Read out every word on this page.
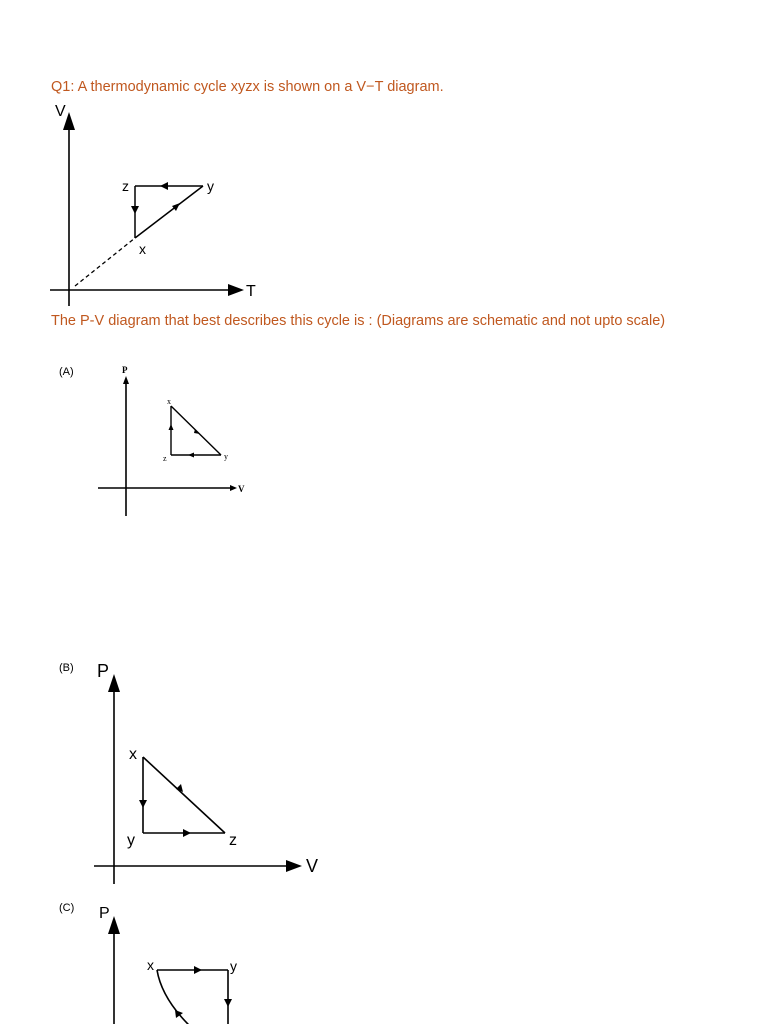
Q1: A thermodynamic cycle xyzx is shown on a V−T diagram.
V
T
z	y
x
The P-V diagram that best describes this cycle is : (Diagrams are schematic and not upto scale)
(A)	P
V
x
z	y
(B) P
V
x
y	z
(C) P
x	y
